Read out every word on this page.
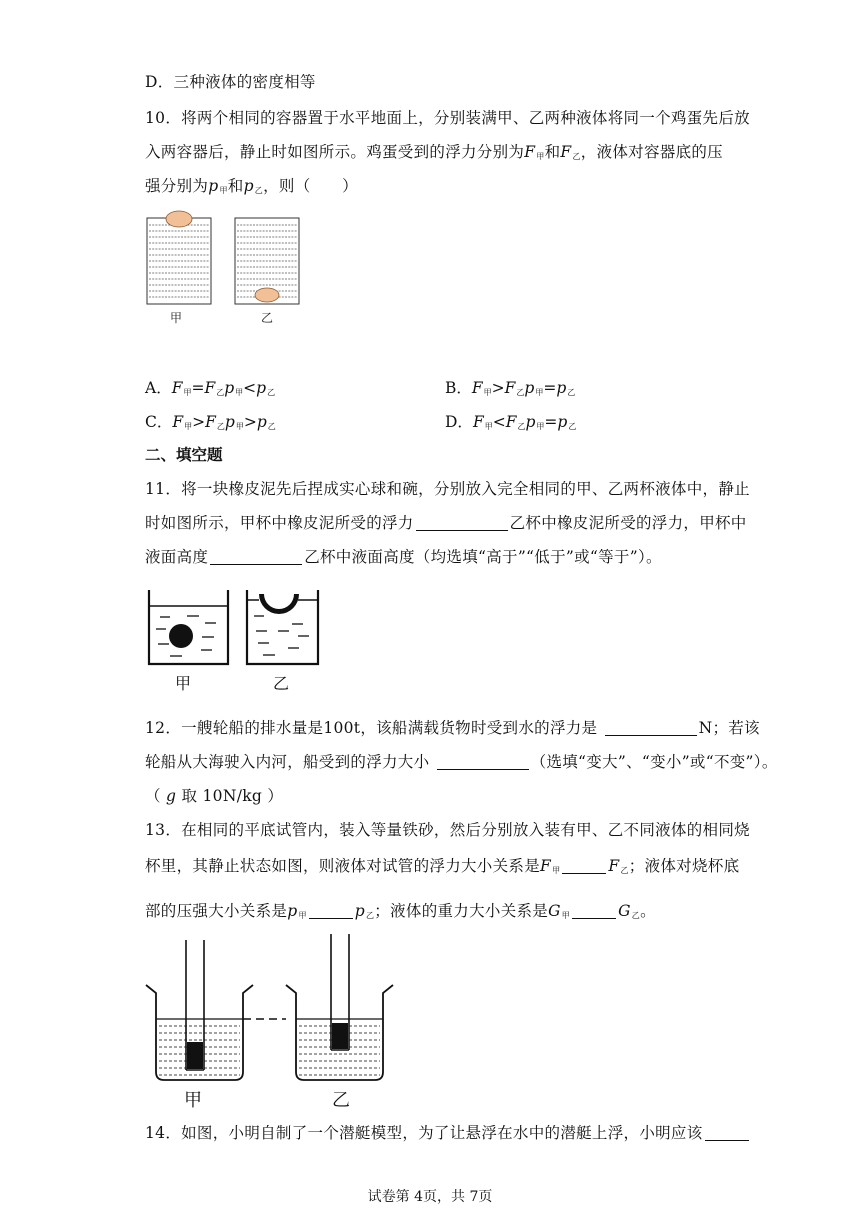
D．三种液体的密度相等
10．将两个相同的容器置于水平地面上，分别装满甲、乙两种液体将同一个鸡蛋先后放
入两容器后，静止时如图所示。鸡蛋受到的浮力分别为$F_甲$和$F_乙$，液体对容器底的压
强分别为$p_甲$和$p_乙$，则（　　）
甲	乙
A．$F_甲=F_乙p_甲<p_乙$	B．$F_甲>F_乙p_甲=p_乙$
C．$F_甲>F_乙p_甲>p_乙$	D．$F_甲<F_乙p_甲=p_乙$
二、填空题
11．将一块橡皮泥先后捏成实心球和碗，分别放入完全相同的甲、乙两杯液体中，静止
时如图所示，甲杯中橡皮泥所受的浮力	乙杯中橡皮泥所受的浮力，甲杯中
液面高度	乙杯中液面高度（均选填“高于”“低于”或“等于”）。
甲	乙
12．一艘轮船的排水量是100t，该船满载货物时受到水的浮力是	N；若该
轮船从大海驶入内河，船受到的浮力大小	（选填“变大”、“变小”或“不变”）。
（ g 取 10N/kg ）
13．在相同的平底试管内，装入等量铁砂，然后分别放入装有甲、乙不同液体的相同烧
杯里，其静止状态如图，则液体对试管的浮力大小关系是$F_甲$	$F_乙$；液体对烧杯底
部的压强大小关系是$p_甲$	$p_乙$；液体的重力大小关系是$G_甲$	$G_乙$。
甲	乙
14．如图，小明自制了一个潜艇模型，为了让悬浮在水中的潜艇上浮，小明应该
试卷第 4页，共 7页
